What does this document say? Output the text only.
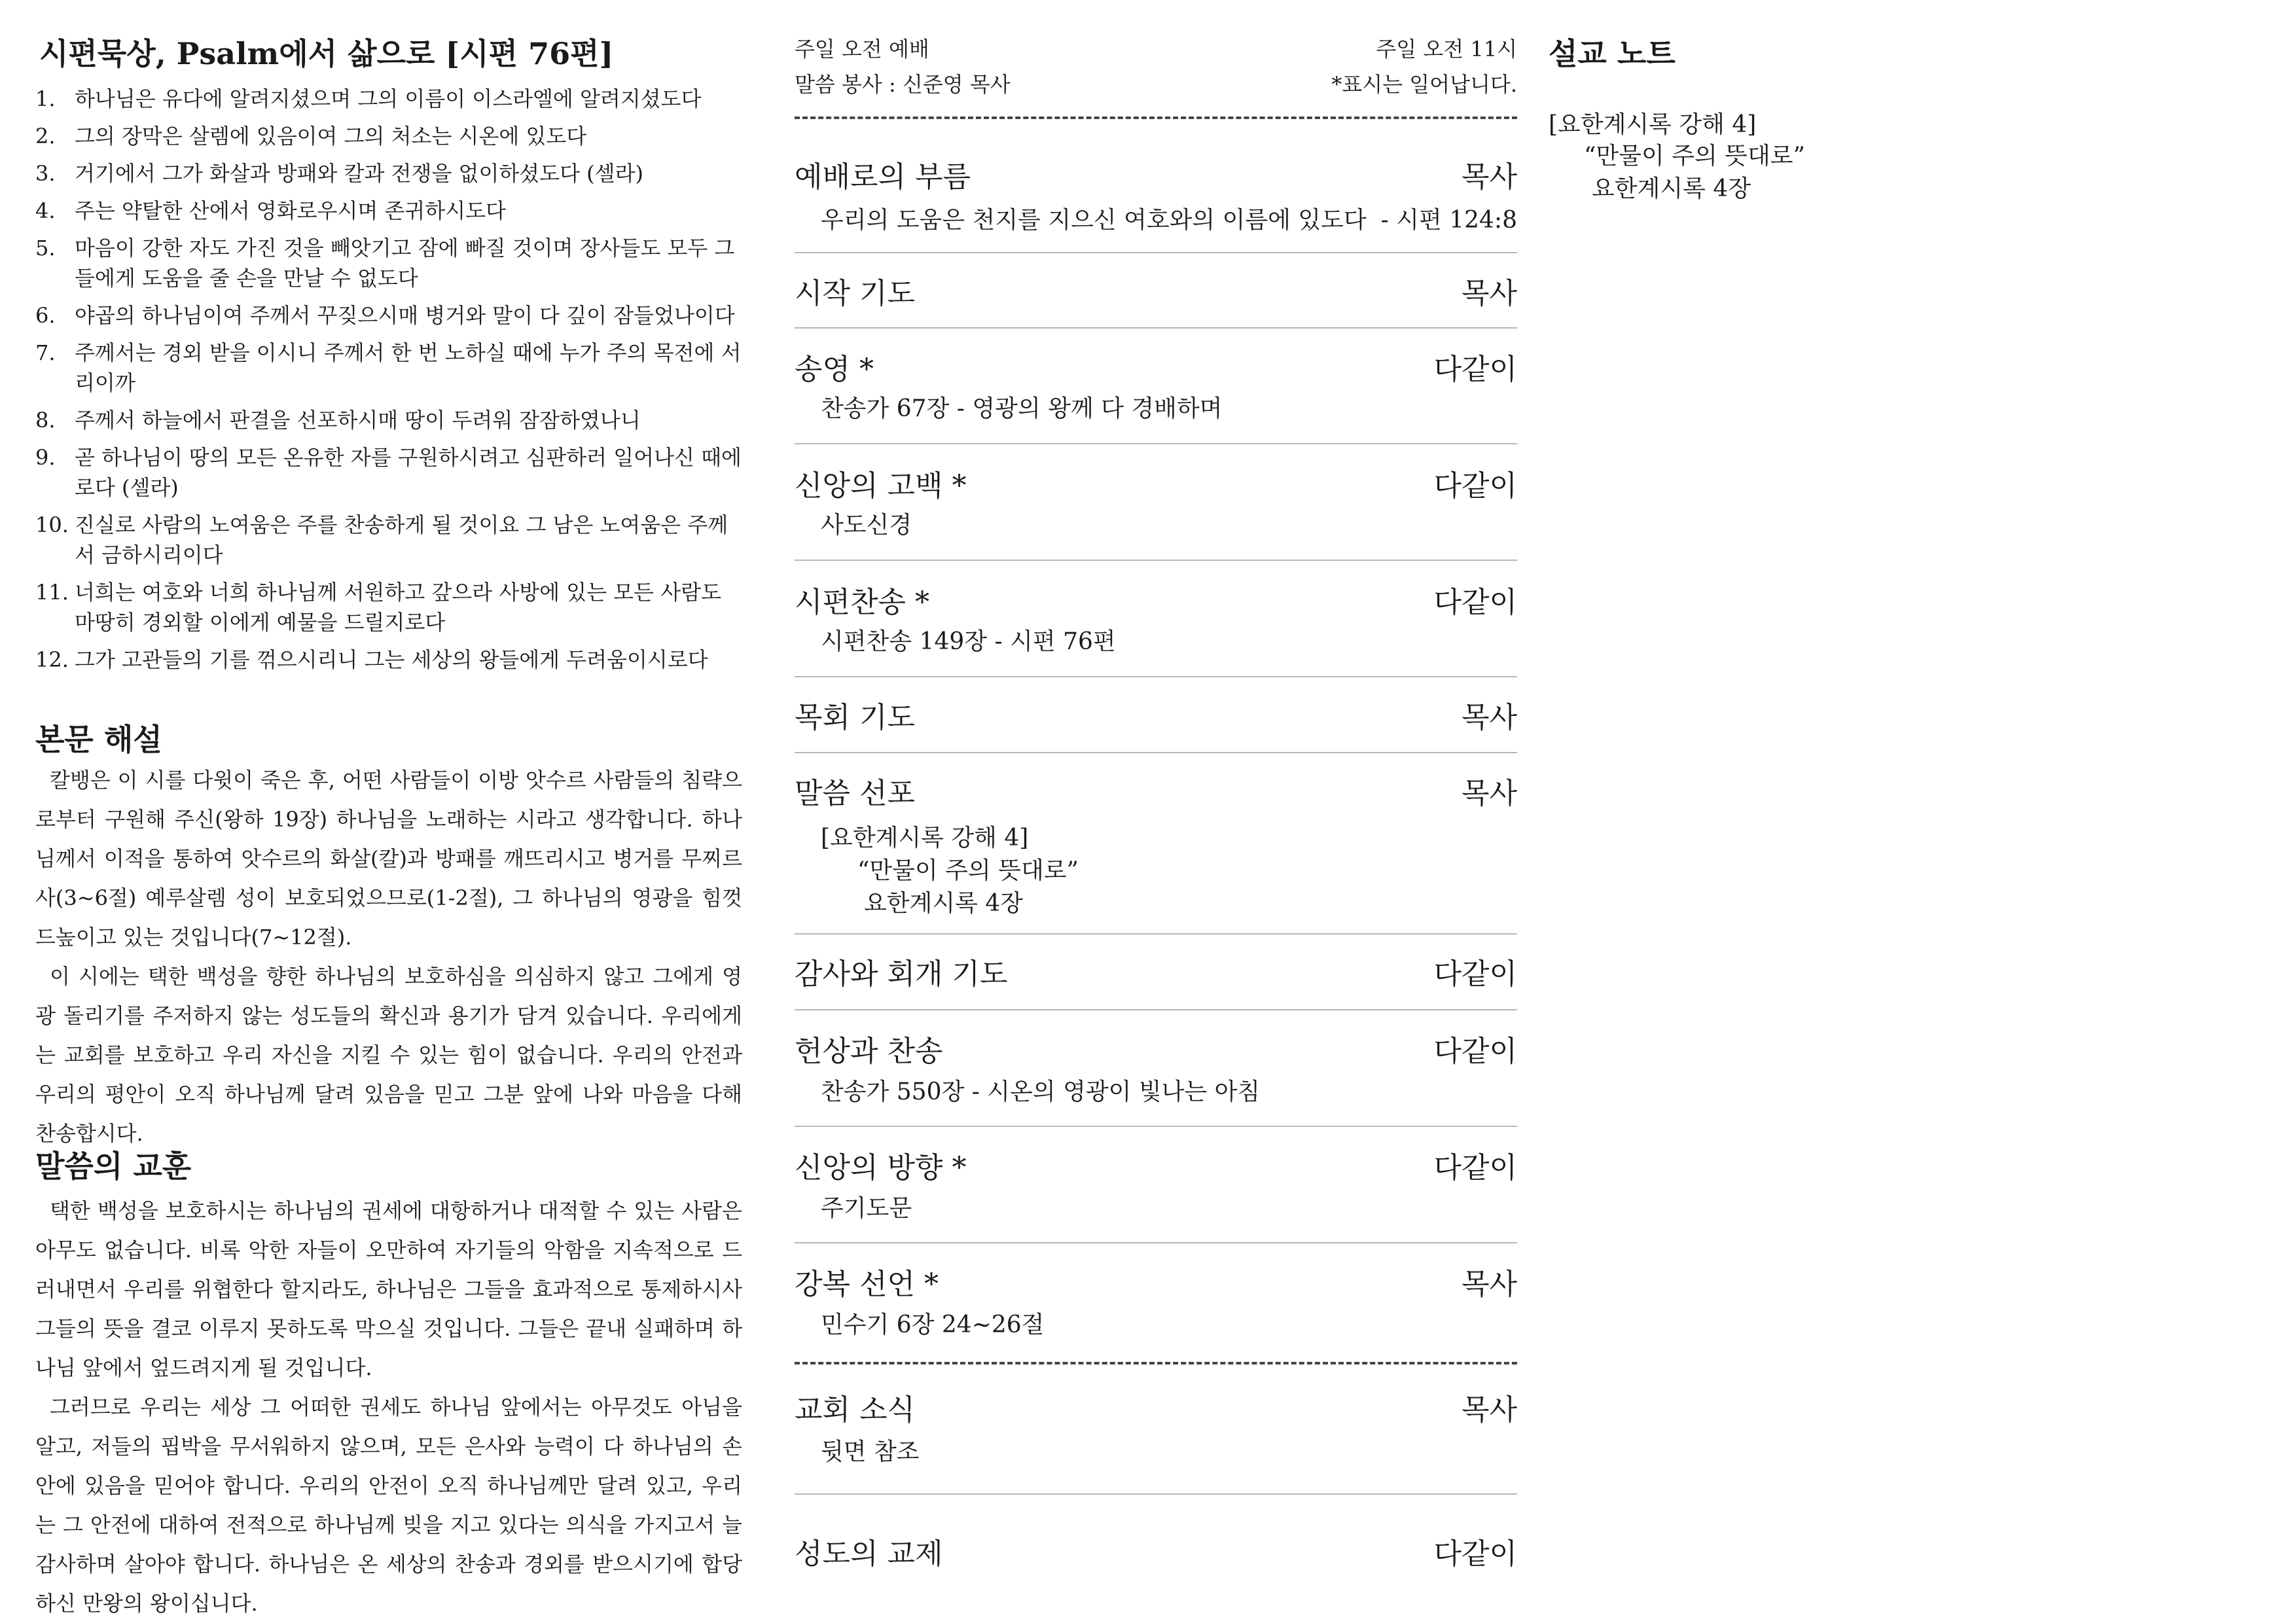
시편묵상, Psalm에서 삶으로 [시편 76편]
1. 하나님은 유다에 알려지셨으며 그의 이름이 이스라엘에 알려지셨도다
2. 그의 장막은 살렘에 있음이여 그의 처소는 시온에 있도다
3. 거기에서 그가 화살과 방패와 칼과 전쟁을 없이하셨도다 (셀라)
4. 주는 약탈한 산에서 영화로우시며 존귀하시도다
5. 마음이 강한 자도 가진 것을 빼앗기고 잠에 빠질 것이며 장사들도 모두 그들에게 도움을 줄 손을 만날 수 없도다
6. 야곱의 하나님이여 주께서 꾸짖으시매 병거와 말이 다 깊이 잠들었나이다
7. 주께서는 경외 받을 이시니 주께서 한 번 노하실 때에 누가 주의 목전에 서리이까
8. 주께서 하늘에서 판결을 선포하시매 땅이 두려워 잠잠하였나니
9. 곧 하나님이 땅의 모든 온유한 자를 구원하시려고 심판하러 일어나신 때에로다 (셀라)
10. 진실로 사람의 노여움은 주를 찬송하게 될 것이요 그 남은 노여움은 주께서 금하시리이다
11. 너희는 여호와 너희 하나님께 서원하고 갚으라 사방에 있는 모든 사람도 마땅히 경외할 이에게 예물을 드릴지로다
12. 그가 고관들의 기를 꺾으시리니 그는 세상의 왕들에게 두려움이시로다
본문 해설

칼뱅은 이 시를 다윗이 죽은 후, 어떤 사람들이 이방 앗수르 사람들의 침략으로부터 구원해 주신(왕하 19장) 하나님을 노래하는 시라고 생각합니다. 하나님께서 이적을 통하여 앗수르의 화살(칼)과 방패를 깨뜨리시고 병거를 무찌르사(3~6절) 예루살렘 성이 보호되었으므로(1-2절), 그 하나님의 영광을 힘껏 드높이고 있는 것입니다(7~12절).

이 시에는 택한 백성을 향한 하나님의 보호하심을 의심하지 않고 그에게 영광 돌리기를 주저하지 않는 성도들의 확신과 용기가 담겨 있습니다. 우리에게는 교회를 보호하고 우리 자신을 지킬 수 있는 힘이 없습니다. 우리의 안전과 우리의 평안이 오직 하나님께 달려 있음을 믿고 그분 앞에 나와 마음을 다해 찬송합시다.

말씀의 교훈

택한 백성을 보호하시는 하나님의 권세에 대항하거나 대적할 수 있는 사람은 아무도 없습니다. 비록 악한 자들이 오만하여 자기들의 악함을 지속적으로 드러내면서 우리를 위협한다 할지라도, 하나님은 그들을 효과적으로 통제하시사 그들의 뜻을 결코 이루지 못하도록 막으실 것입니다. 그들은 끝내 실패하며 하나님 앞에서 엎드려지게 될 것입니다.

그러므로 우리는 세상 그 어떠한 권세도 하나님 앞에서는 아무것도 아님을 알고, 저들의 핍박을 무서워하지 않으며, 모든 은사와 능력이 다 하나님의 손안에 있음을 믿어야 합니다. 우리의 안전이 오직 하나님께만 달려 있고, 우리는 그 안전에 대하여 전적으로 하나님께 빚을 지고 있다는 의식을 가지고서 늘 감사하며 살아야 합니다. 하나님은 온 세상의 찬송과 경외를 받으시기에 합당하신 만왕의 왕이십니다.

주일 오전 예배	주일 오전 11시
말씀 봉사 : 신준영 목사	*표시는 일어납니다.
예배로의 부름	목사
우리의 도움은 천지를 지으신 여호와의 이름에 있도다 - 시편 124:8
시작 기도	목사
송영 *	다같이
찬송가 67장 - 영광의 왕께 다 경배하며
신앙의 고백 *	다같이
사도신경
시편찬송 *	다같이
시편찬송 149장 - 시편 76편
목회 기도	목사
말씀 선포	목사
[요한계시록 강해 4]
“만물이 주의 뜻대로”
요한계시록 4장
감사와 회개 기도	다같이
헌상과 찬송	다같이
찬송가 550장 - 시온의 영광이 빛나는 아침
신앙의 방향 *	다같이
주기도문
강복 선언 *	목사
민수기 6장 24~26절
교회 소식	목사
뒷면 참조
성도의 교제	다같이
설교 노트
[요한계시록 강해 4]
“만물이 주의 뜻대로”
요한계시록 4장
